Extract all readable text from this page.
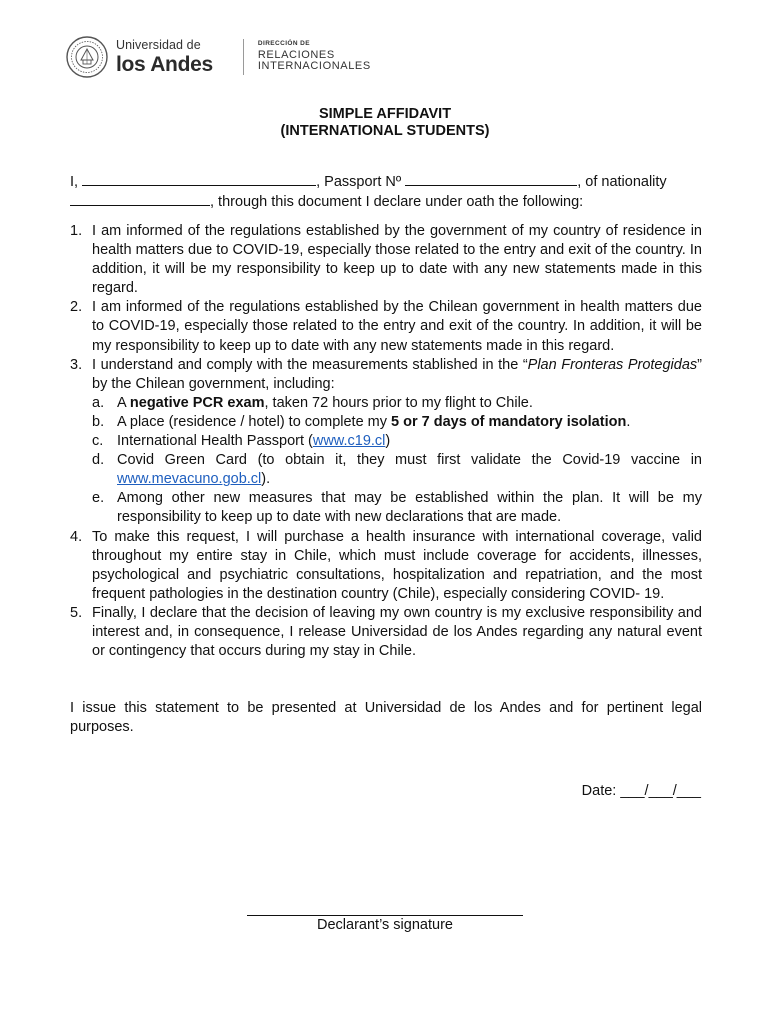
Universidad de
los Andes
DIRECCIÓN DE
RELACIONES
INTERNACIONALES
SIMPLE AFFIDAVIT
(INTERNATIONAL STUDENTS)
I,	, Passport Nº	, of nationality
, through this document I declare under oath the following:
1. I am informed of the regulations established by the government of my country of residence in health matters due to COVID-19, especially those related to the entry and exit of the country. In addition, it will be my responsibility to keep up to date with any new statements made in this regard.
2. I am informed of the regulations established by the Chilean government in health matters due to COVID-19, especially those related to the entry and exit of the country. In addition, it will be my responsibility to keep up to date with any new statements made in this regard.
3. I understand and comply with the measurements stablished in the “Plan Fronteras Protegidas” by the Chilean government, including:
a. A negative PCR exam, taken 72 hours prior to my flight to Chile.
b. A place (residence / hotel) to complete my 5 or 7 days of mandatory isolation.
c. International Health Passport (www.c19.cl)
d. Covid Green Card (to obtain it, they must first validate the Covid-19 vaccine in www.mevacuno.gob.cl).
e. Among other new measures that may be established within the plan. It will be my responsibility to keep up to date with new declarations that are made.
4. To make this request, I will purchase a health insurance with international coverage, valid throughout my entire stay in Chile, which must include coverage for accidents, illnesses, psychological and psychiatric consultations, hospitalization and repatriation, and the most frequent pathologies in the destination country (Chile), especially considering COVID- 19.
5. Finally, I declare that the decision of leaving my own country is my exclusive responsibility and interest and, in consequence, I release Universidad de los Andes regarding any natural event or contingency that occurs during my stay in Chile.
I issue this statement to be presented at Universidad de los Andes and for pertinent legal purposes.
Date: ___/___/___
Declarant’s signature
